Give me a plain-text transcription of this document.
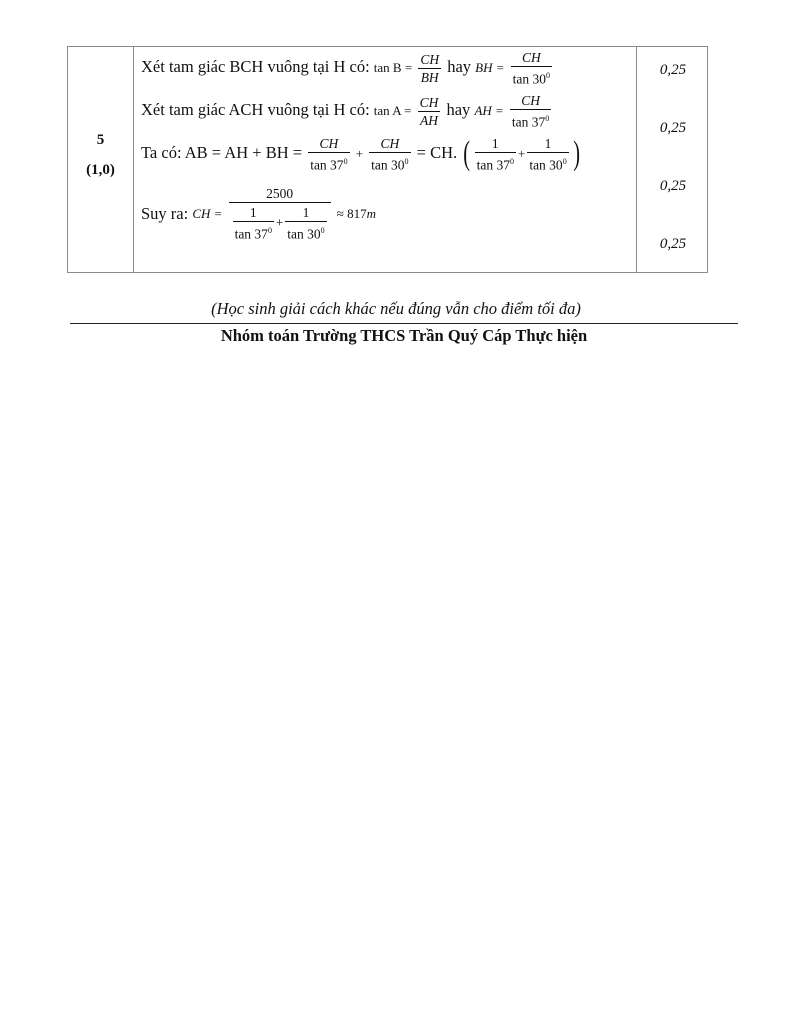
5
(1,0)
Xét tam giác BCH vuông tại H có: $\tan B = \frac{CH}{BH}$ hay BH = $\frac{CH}{\tan 30^0}$
Xét tam giác ACH vuông tại H có: $\tan A = \frac{CH}{AH}$ hay AH = $\frac{CH}{\tan 37^0}$
Ta có: AB = AH + BH = $\frac{CH}{\tan 37^0} + \frac{CH}{\tan 30^0}$ = CH. ( $\frac{1}{\tan 37^0} + \frac{1}{\tan 30^0}$ )
Suy ra: CH = $\frac{2500}{\frac{1}{\tan 37^0} + \frac{1}{\tan 30^0}} \approx 817m$
0,25
0,25
0,25
0,25
(Học sinh giải cách khác nếu đúng vẫn cho điểm tối đa)
Nhóm toán Trường THCS Trần Quý Cáp Thực hiện
